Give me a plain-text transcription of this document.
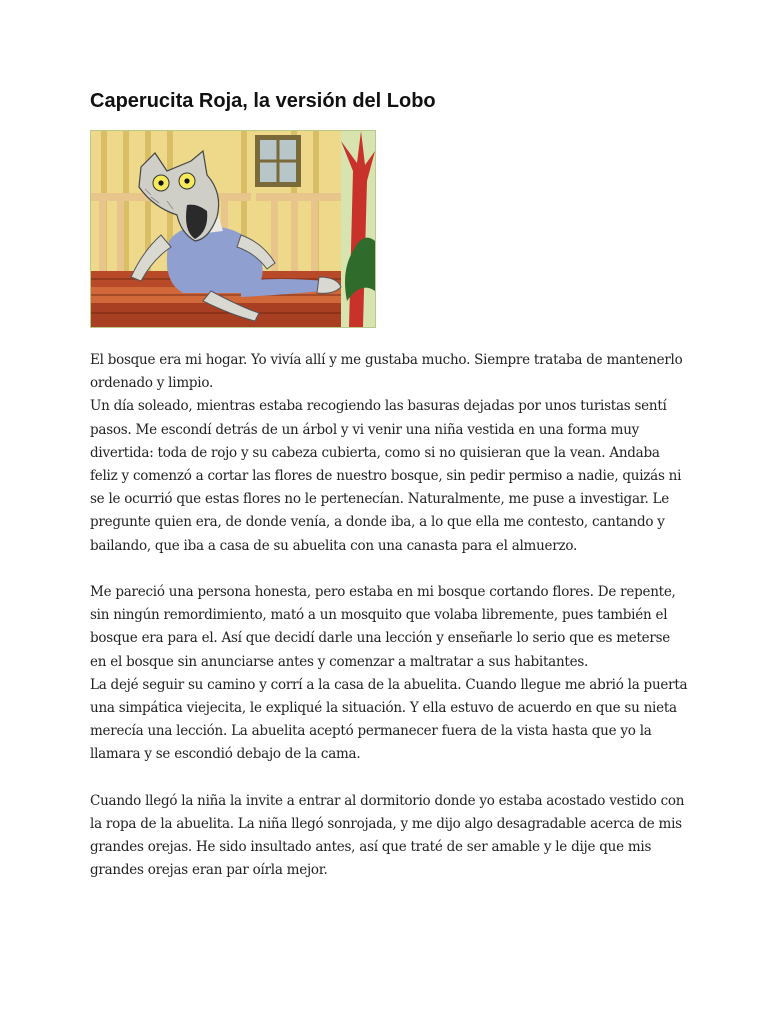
Caperucita Roja, la versión del Lobo

El bosque era mi hogar. Yo vivía allí y me gustaba mucho. Siempre trataba de mantenerlo ordenado y limpio.

Un día soleado, mientras estaba recogiendo las basuras dejadas por unos turistas sentí pasos. Me escondí detrás de un árbol y vi venir una niña vestida en una forma muy divertida: toda de rojo y su cabeza cubierta, como si no quisieran que la vean. Andaba feliz y comenzó a cortar las flores de nuestro bosque, sin pedir permiso a nadie, quizás ni se le ocurrió que estas flores no le pertenecían. Naturalmente, me puse a investigar. Le pregunte quien era, de donde venía, a donde iba, a lo que ella me contesto, cantando y bailando, que iba a casa de su abuelita con una canasta para el almuerzo.

Me pareció una persona honesta, pero estaba en mi bosque cortando flores. De repente, sin ningún remordimiento, mató a un mosquito que volaba libremente, pues también el bosque era para el. Así que decidí darle una lección y enseñarle lo serio que es meterse en el bosque sin anunciarse antes y comenzar a maltratar a sus habitantes.

La dejé seguir su camino y corrí a la casa de la abuelita. Cuando llegue me abrió la puerta una simpática viejecita, le expliqué la situación. Y ella estuvo de acuerdo en que su nieta merecía una lección. La abuelita aceptó permanecer fuera de la vista hasta que yo la llamara y se escondió debajo de la cama.

Cuando llegó la niña la invite a entrar al dormitorio donde yo estaba acostado vestido con la ropa de la abuelita. La niña llegó sonrojada, y me dijo algo desagradable acerca de mis grandes orejas. He sido insultado antes, así que traté de ser amable y le dije que mis grandes orejas eran par oírla mejor.
